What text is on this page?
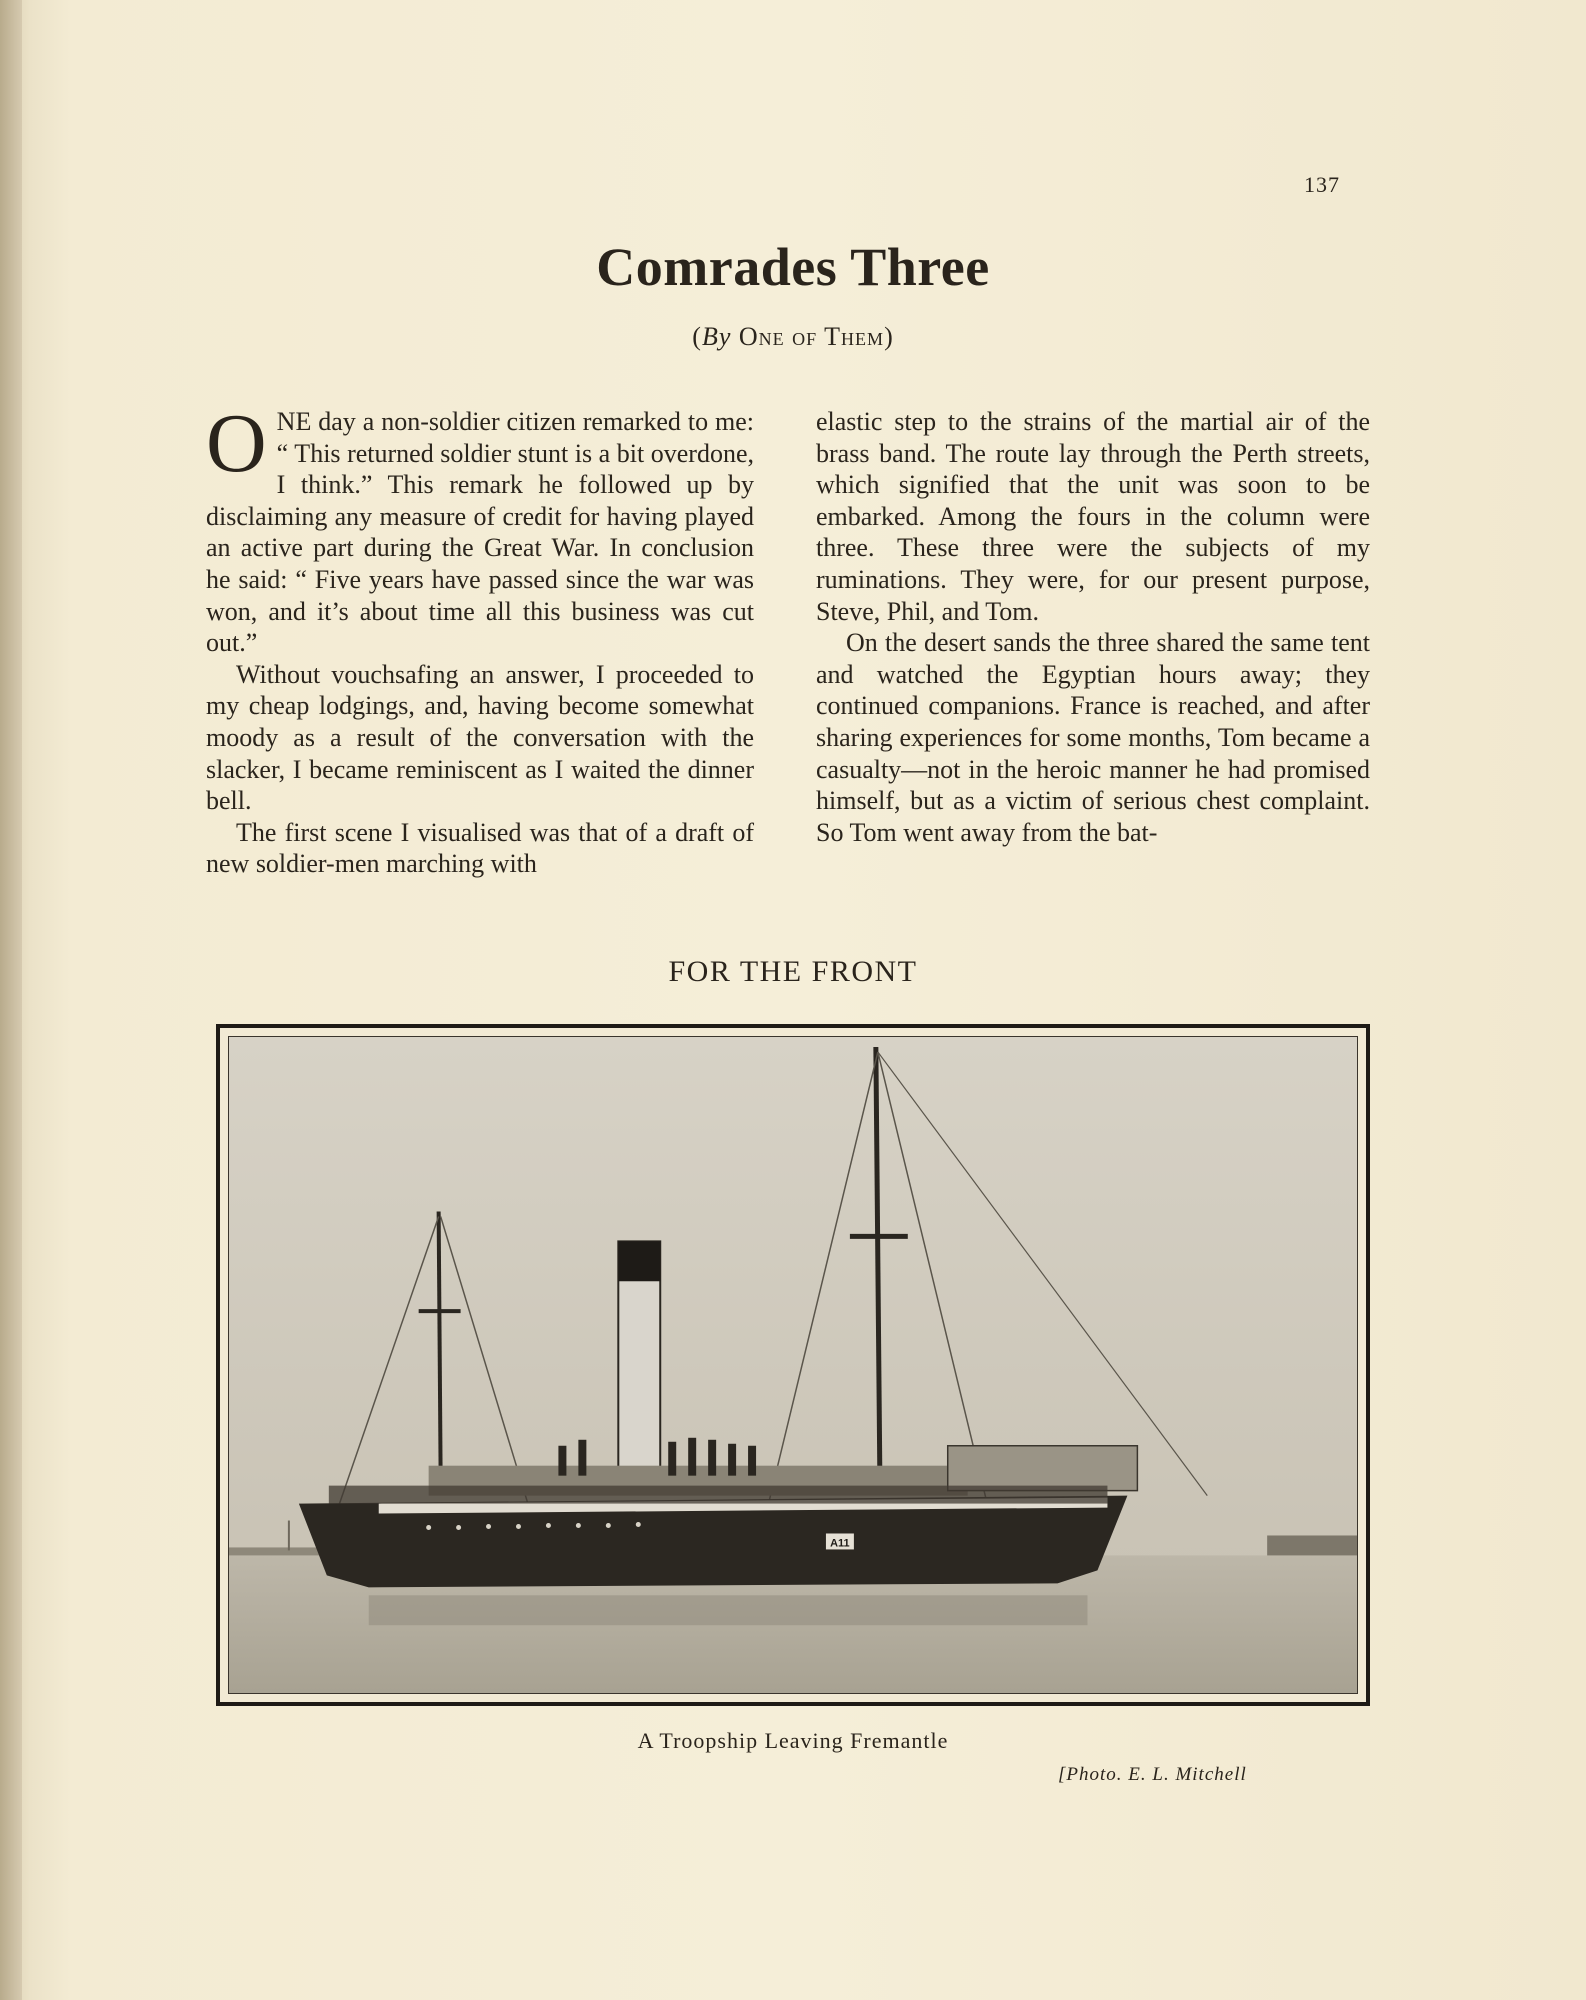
137
Comrades Three
(By One of Them)

ONE day a non-soldier citizen remarked to me: “ This returned soldier stunt is a bit overdone, I think.” This remark he followed up by disclaiming any measure of credit for having played an active part during the Great War. In conclusion he said: “ Five years have passed since the war was won, and it’s about time all this business was cut out.”

Without vouchsafing an answer, I proceeded to my cheap lodgings, and, having become somewhat moody as a result of the conversation with the slacker, I became reminiscent as I waited the dinner bell.

The first scene I visualised was that of a draft of new soldier-men marching with

elastic step to the strains of the martial air of the brass band. The route lay through the Perth streets, which signified that the unit was soon to be embarked. Among the fours in the column were three. These three were the subjects of my ruminations. They were, for our present purpose, Steve, Phil, and Tom.

On the desert sands the three shared the same tent and watched the Egyptian hours away; they continued companions. France is reached, and after sharing experiences for some months, Tom became a casualty—not in the heroic manner he had promised himself, but as a victim of serious chest complaint. So Tom went away from the bat-

FOR THE FRONT
A11
A Troopship Leaving Fremantle
[Photo. E. L. Mitchell
